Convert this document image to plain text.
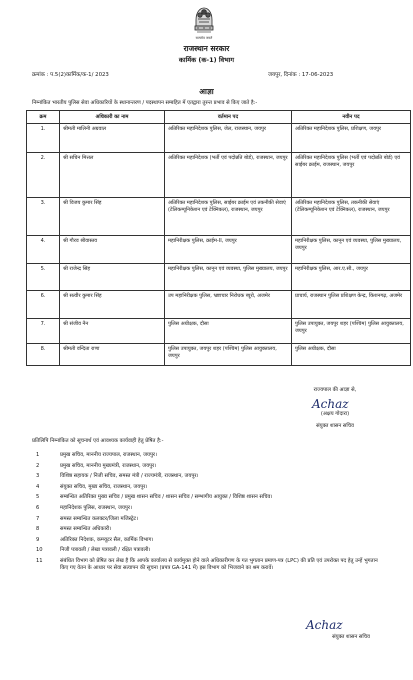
सत्यमेव जयते
राजस्थान सरकार
कार्मिक (क-1) विभाग
क्रमांक : प.5(2)कार्मिक/क-1/ 2023	जयपुर, दिनांक : 17-06-2023
आज्ञा
निम्नांकित भारतीय पुलिस सेवा अधिकारियों के स्थानान्तरण / पदस्थापन सम्बहित में एतद्वारा तुरन्त प्रभाव से किए जाते है:-
क्रम	अधिकारी का नाम	वर्तमान पद	नवीन पद
1.	श्रीमती मालिनी अग्रवाल	अतिरिक्त महानिदेशक पुलिस, जेल, राजस्थान, जयपुर	अतिरिक्त महानिदेशक पुलिस, प्रशिक्षण, जयपुर
2.	श्री सचिन मित्तल	अतिरिक्त महानिदेशक (भर्ती एवं पदोन्नति बोर्ड), राजस्थान, जयपुर	अतिरिक्त महानिदेशक पुलिस (भर्ती एवं पदोन्नति बोर्ड) एवं साईबर क्राईम, राजस्थान, जयपुर
3.	श्री विजय कुमार सिंह	अतिरिक्त महानिदेशक पुलिस, साईबर क्राईम एवं तकनीकी सेवाएं (टेलिकम्यूनिकेशन एवं टेक्निकल), राजस्थान, जयपुर	अतिरिक्त महानिदेशक पुलिस, तकनीकी सेवाएं (टेलिकम्यूनिकेशन एवं टेक्निकल), राजस्थान, जयपुर
4.	श्री गौरव श्रीवास्तव	महानिरीक्षक पुलिस, क्राईम-II, जयपुर	महानिरीक्षक पुलिस, कानून एवं व्यवस्था, पुलिस मुख्यालय, जयपुर
5.	श्री राजेन्द्र सिंह	महानिरीक्षक पुलिस, कानून एवं व्यवस्था, पुलिस मुख्यालय, जयपुर	महानिरीक्षक पुलिस, आर.ए.सी., जयपुर
6.	श्री सत्वीर कुमार सिंह	उप महानिरीक्षक पुलिस, भ्रष्टाचार निरोधक ब्यूरो, अजमेर	प्राचार्य, राजस्थान पुलिस प्रशिक्षण केन्द्र, किशनगढ़, अजमेर
7.	श्री संजीव नैन	पुलिस अधीक्षक, दौसा	पुलिस उपायुक्त, जयपुर शहर (पश्चिम) पुलिस आयुक्तालय, जयपुर
8.	श्रीमती वन्दिता राणा	पुलिस उपायुक्त, जयपुर शहर (पश्चिम) पुलिस आयुक्तालय, जयपुर	पुलिस अधीक्षक, दौसा
राज्यपाल की आज्ञा से,
Achaz
(अक्षय गोदारा)
संयुक्त शासन सचिव
प्रतिलिपि निम्नांकित को सूचनार्थ एवं आवश्यक कार्यवाही हेतु प्रेषित है:-
1	प्रमुख सचिव, माननीय राज्यपाल, राजस्थान, जयपुर।
2	प्रमुख सचिव, माननीय मुख्यमंत्री, राजस्थान, जयपुर।
3	विशिष्ठ सहायक / निजी सचिव, समस्त मंत्री / राज्यमंत्री, राजस्थान, जयपुर।
4	संयुक्त सचिव, मुख्य सचिव, राजस्थान, जयपुर।
5	सम्बन्धित अतिरिक्त मुख्य सचिव / प्रमुख शासन सचिव / शासन सचिव / सम्भागीय आयुक्त / विशिष्ठ शासन सचिव।
6	महानिदेशक पुलिस, राजस्थान, जयपुर।
7	समस्त सम्बन्धित कलक्टर/जिला मजिस्ट्रेट।
8	समस्त सम्बन्धित अधिकारी।
9	अतिरिक्त निदेशक, कम्प्यूटर सैल, कार्मिक विभाग।
10	निजी पत्रावली / लेखा पत्रावली / रक्षित पत्रावली।
11	संबंधित विभाग को प्रेषित कर लेख है कि आपके कार्यालय से कार्यमुक्त होने वाले अधिकारीगण के गत भुगतान प्रमाण-पत्र (LPC) की प्रति एवं उपरोक्त पद हेतु उन्हें भुगतान किए गए वेतन के आधार पर सेवा सत्यापन की सूचना (प्रपत्र GA-141 में) इस विभाग को भिजवाने का श्रम करावें।
Achaz
संयुक्त शासन सचिव
